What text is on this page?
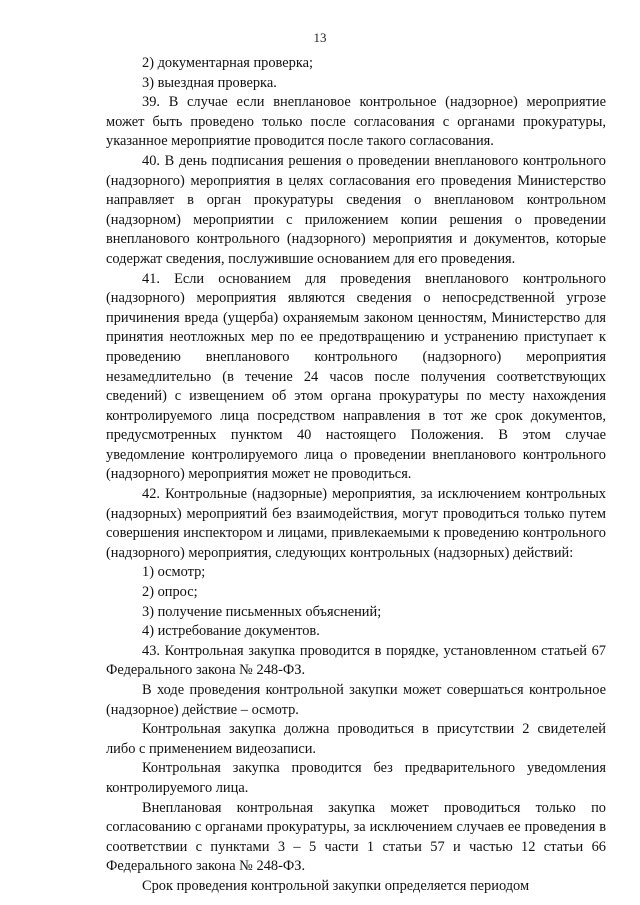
13

2) документарная проверка;

3) выездная проверка.

39. В случае если внеплановое контрольное (надзорное) мероприятие может быть проведено только после согласования с органами прокуратуры, указанное мероприятие проводится после такого согласования.

40. В день подписания решения о проведении внепланового контрольного (надзорного) мероприятия в целях согласования его проведения Министерство направляет в орган прокуратуры сведения о внеплановом контрольном (надзорном) мероприятии с приложением копии решения о проведении внепланового контрольного (надзорного) мероприятия и документов, которые содержат сведения, послужившие основанием для его проведения.

41. Если основанием для проведения внепланового контрольного (надзорного) мероприятия являются сведения о непосредственной угрозе причинения вреда (ущерба) охраняемым законом ценностям, Министерство для принятия неотложных мер по ее предотвращению и устранению приступает к проведению внепланового контрольного (надзорного) мероприятия незамедлительно (в течение 24 часов после получения соответствующих сведений) с извещением об этом органа прокуратуры по месту нахождения контролируемого лица посредством направления в тот же срок документов, предусмотренных пунктом 40 настоящего Положения. В этом случае уведомление контролируемого лица о проведении внепланового контрольного (надзорного) мероприятия может не проводиться.

42. Контрольные (надзорные) мероприятия, за исключением контрольных (надзорных) мероприятий без взаимодействия, могут проводиться только путем совершения инспектором и лицами, привлекаемыми к проведению контрольного (надзорного) мероприятия, следующих контрольных (надзорных) действий:

1) осмотр;

2) опрос;

3) получение письменных объяснений;

4) истребование документов.

43. Контрольная закупка проводится в порядке, установленном статьей 67 Федерального закона № 248-ФЗ.

В ходе проведения контрольной закупки может совершаться контрольное (надзорное) действие – осмотр.

Контрольная закупка должна проводиться в присутствии 2 свидетелей либо с применением видеозаписи.

Контрольная закупка проводится без предварительного уведомления контролируемого лица.

Внеплановая контрольная закупка может проводиться только по согласованию с органами прокуратуры, за исключением случаев ее проведения в соответствии с пунктами 3 – 5 части 1 статьи 57 и частью 12 статьи 66 Федерального закона № 248-ФЗ.

Срок проведения контрольной закупки определяется периодом
